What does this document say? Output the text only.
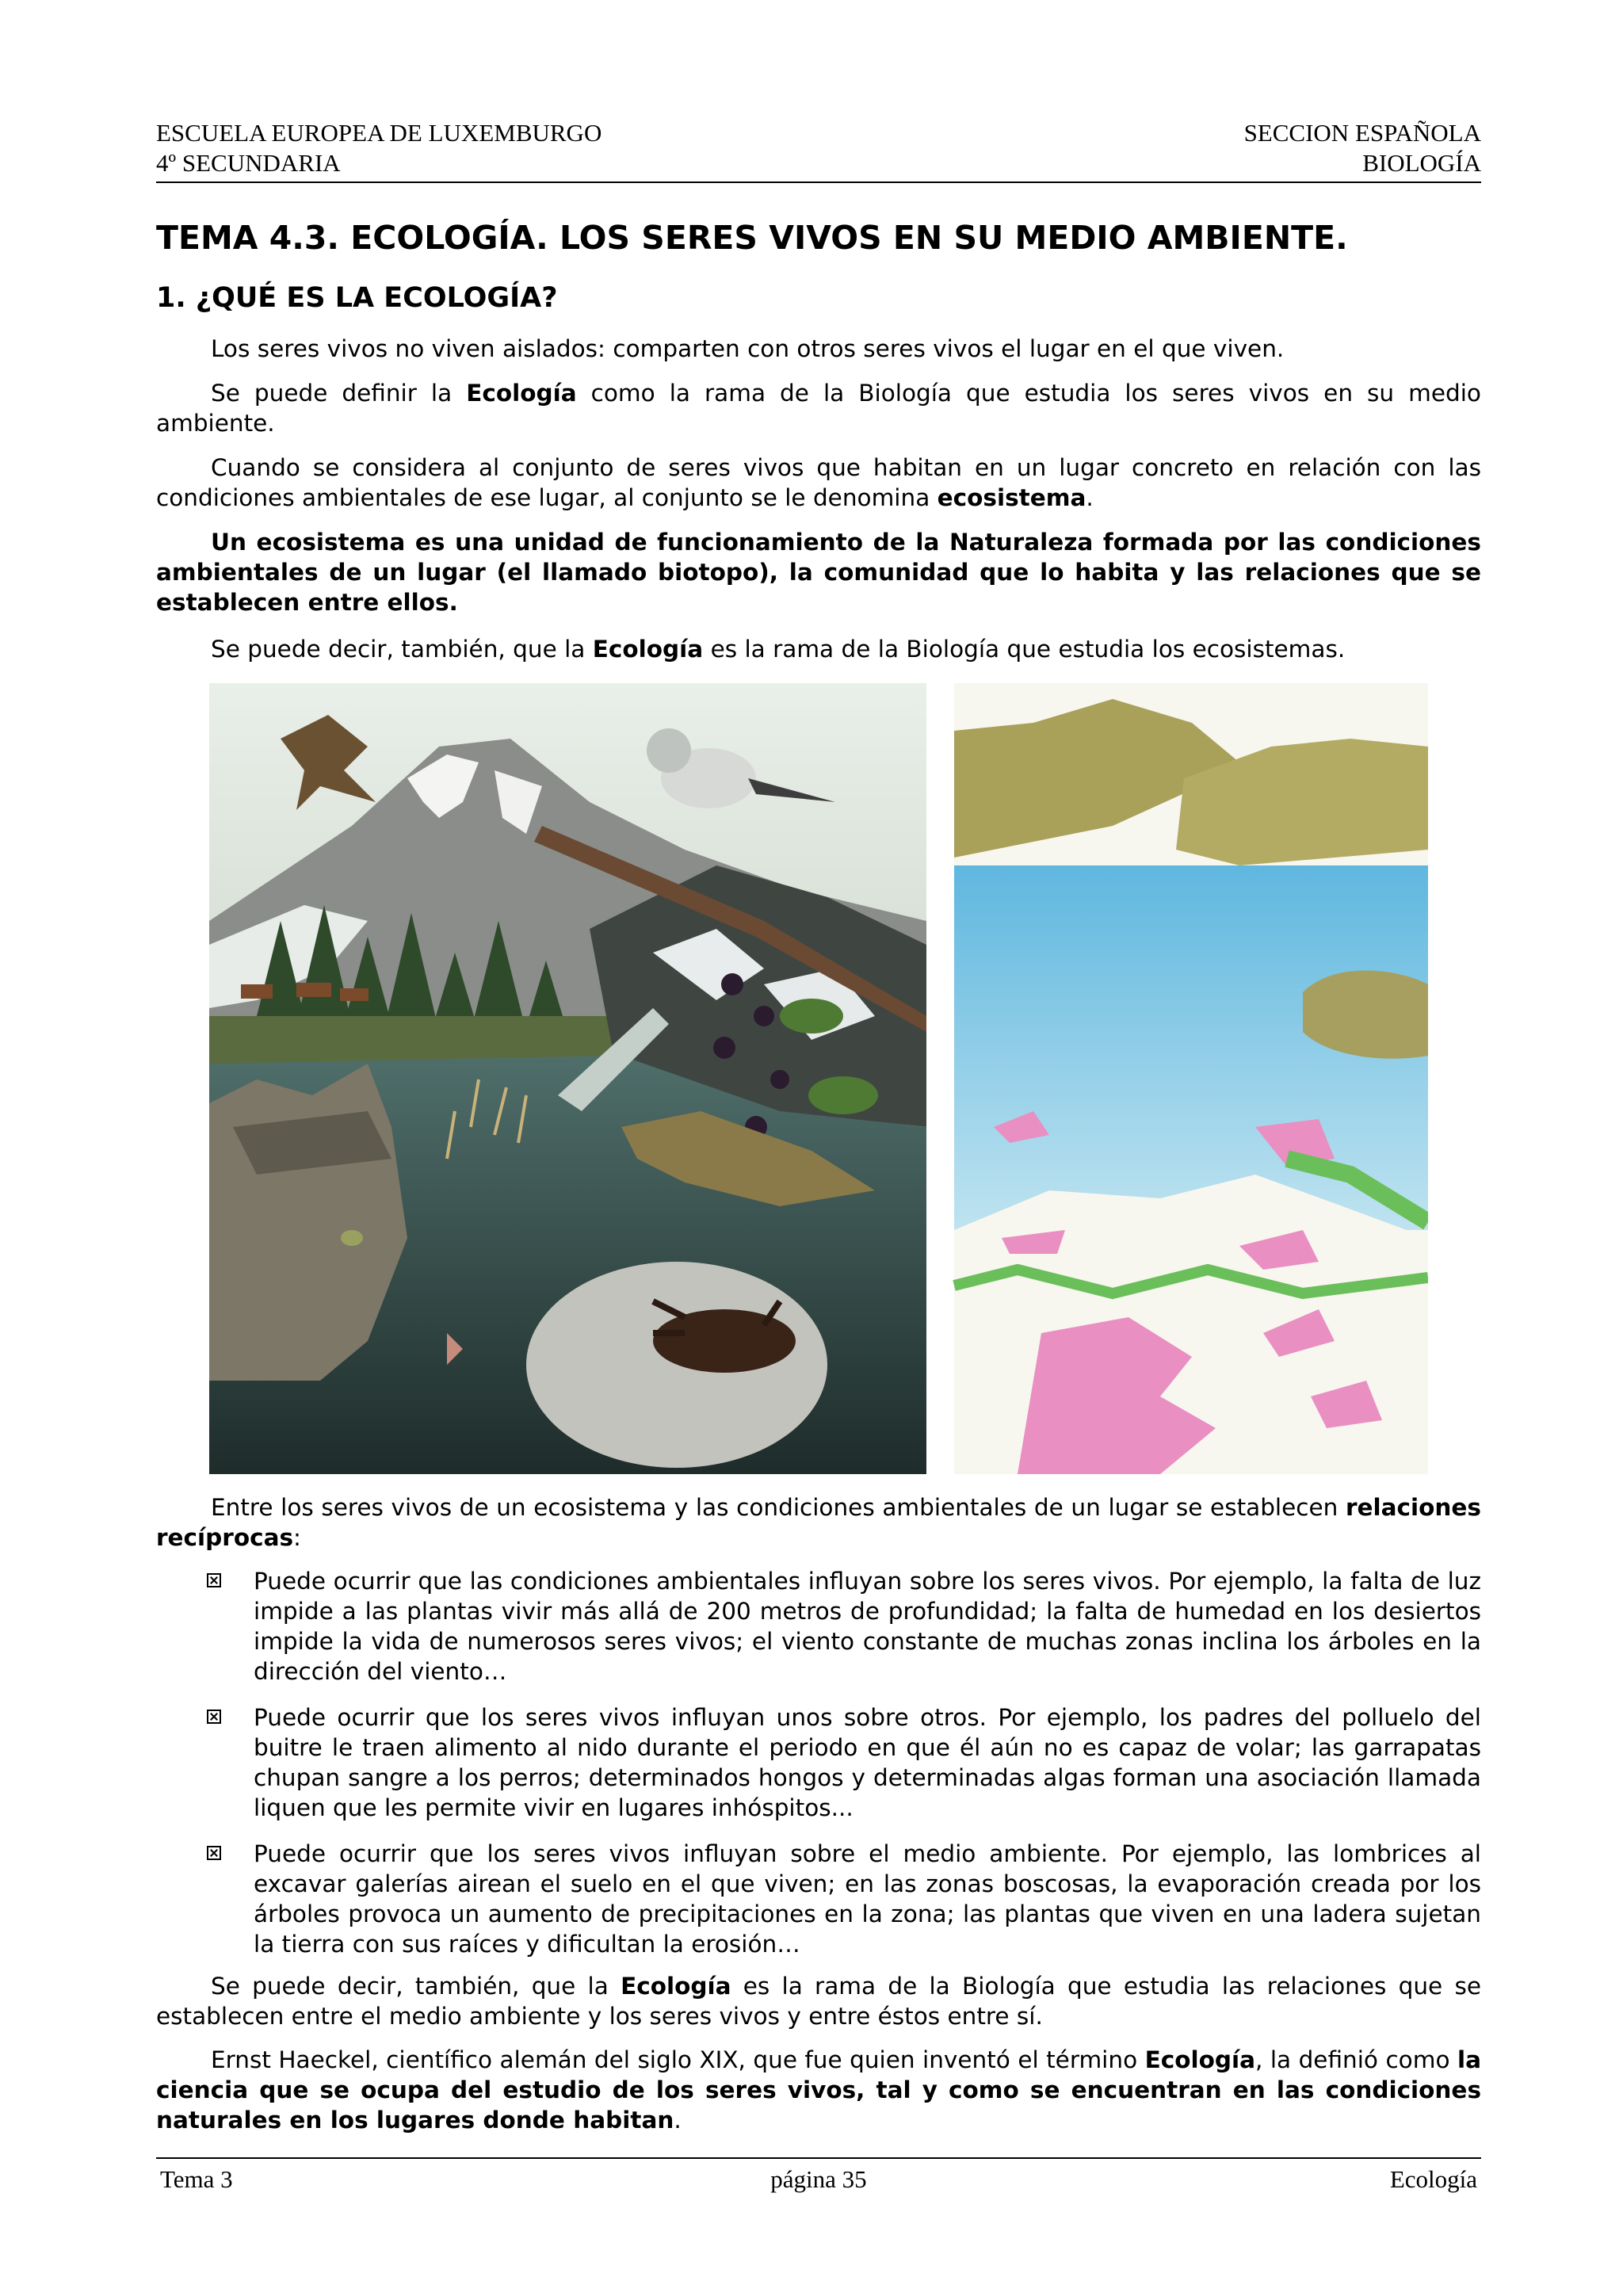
ESCUELA EUROPEA DE LUXEMBURGO	SECCION ESPAÑOLA
4º SECUNDARIA	BIOLOGÍA
TEMA 4.3. ECOLOGÍA. LOS SERES VIVOS EN SU MEDIO AMBIENTE.
1. ¿QUÉ ES LA ECOLOGÍA?

Los seres vivos no viven aislados: comparten con otros seres vivos el lugar en el que viven.

Se puede definir la Ecología como la rama de la Biología que estudia los seres vivos en su medio ambiente.

Cuando se considera al conjunto de seres vivos que habitan en un lugar concreto en relación con las condiciones ambientales de ese lugar, al conjunto se le denomina ecosistema.

Un ecosistema es una unidad de funcionamiento de la Naturaleza formada por las condiciones ambientales de un lugar (el llamado biotopo), la comunidad que lo habita y las relaciones que se establecen entre ellos.

Se puede decir, también, que la Ecología es la rama de la Biología que estudia los ecosistemas.

Entre los seres vivos de un ecosistema y las condiciones ambientales de un lugar se establecen relaciones recíprocas:

Puede ocurrir que las condiciones ambientales influyan sobre los seres vivos. Por ejemplo, la falta de luz impide a las plantas vivir más allá de 200 metros de profundidad; la falta de humedad en los desiertos impide la vida de numerosos seres vivos; el viento constante de muchas zonas inclina los árboles en la dirección del viento…
Puede ocurrir que los seres vivos influyan unos sobre otros. Por ejemplo, los padres del polluelo del buitre le traen alimento al nido durante el periodo en que él aún no es capaz de volar; las garrapatas chupan sangre a los perros; determinados hongos y determinadas algas forman una asociación llamada liquen que les permite vivir en lugares inhóspitos...
Puede ocurrir que los seres vivos influyan sobre el medio ambiente. Por ejemplo, las lombrices al excavar galerías airean el suelo en el que viven; en las zonas boscosas, la evaporación creada por los árboles provoca un aumento de precipitaciones en la zona; las plantas que viven en una ladera sujetan la tierra con sus raíces y dificultan la erosión…

Se puede decir, también, que la Ecología es la rama de la Biología que estudia las relaciones que se establecen entre el medio ambiente y los seres vivos y entre éstos entre sí.

Ernst Haeckel, científico alemán del siglo XIX, que fue quien inventó el término Ecología, la definió como la ciencia que se ocupa del estudio de los seres vivos, tal y como se encuentran en las condiciones naturales en los lugares donde habitan.

Tema 3	página 35	Ecología
